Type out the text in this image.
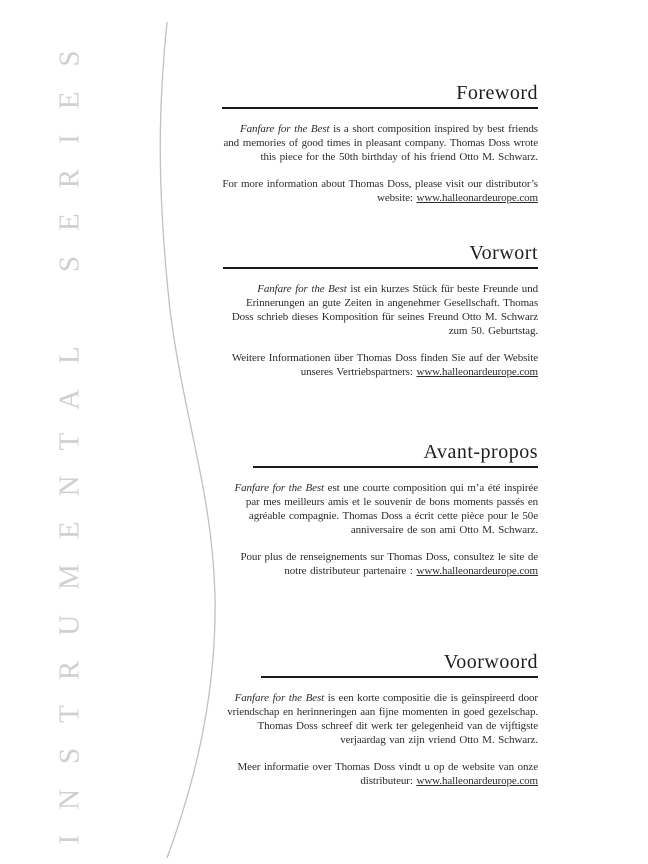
INSTRUMENTAL SERIES	Foreword

Fanfare for the Best is a short composition inspired by best friends and memories of good times in pleasant company. Thomas Doss wrote this piece for the 50th birthday of his friend Otto M. Schwarz.

For more information about Thomas Doss, please visit our distributor’s website: www.halleonardeurope.com

Vorwort

Fanfare for the Best ist ein kurzes Stück für beste Freunde und Erinnerungen an gute Zeiten in angenehmer Gesellschaft. Thomas Doss schrieb dieses Komposition für seines Freund Otto M. Schwarz zum 50. Geburtstag.

Weitere Informationen über Thomas Doss finden Sie auf der Website unseres Vertriebspartners: www.halleonardeurope.com

Avant-propos

Fanfare for the Best est une courte composition qui m’a été inspirée par mes meilleurs amis et le souvenir de bons moments passés en agréable compagnie. Thomas Doss a écrit cette pièce pour le 50e anniversaire de son ami Otto M. Schwarz.

Pour plus de renseignements sur Thomas Doss, consultez le site de notre distributeur partenaire : www.halleonardeurope.com

Voorwoord

Fanfare for the Best is een korte compositie die is geïnspireerd door vriendschap en herinneringen aan fijne momenten in goed gezelschap. Thomas Doss schreef dit werk ter gelegenheid van de vijftigste verjaardag van zijn vriend Otto M. Schwarz.

Meer informatie over Thomas Doss vindt u op de website van onze distributeur: www.halleonardeurope.com
